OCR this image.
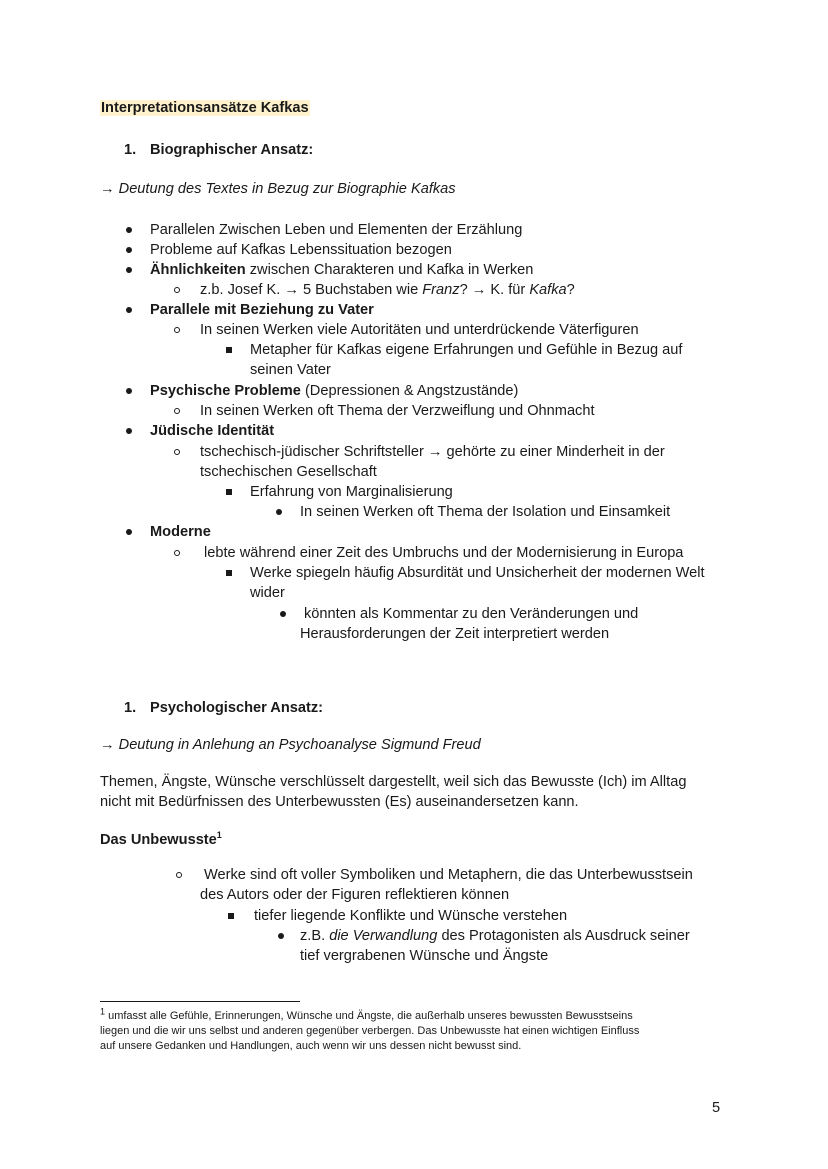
Interpretationsansätze Kafkas
1. Biographischer Ansatz:
→ Deutung des Textes in Bezug zur Biographie Kafkas
Parallelen Zwischen Leben und Elementen der Erzählung
Probleme auf Kafkas Lebenssituation bezogen
Ähnlichkeiten zwischen Charakteren und Kafka in Werken
z.b. Josef K. → 5 Buchstaben wie Franz? → K. für Kafka?
Parallele mit Beziehung zu Vater
In seinen Werken viele Autoritäten und unterdrückende Väterfiguren
Metapher für Kafkas eigene Erfahrungen und Gefühle in Bezug auf
seinen Vater
Psychische Probleme (Depressionen & Angstzustände)
In seinen Werken oft Thema der Verzweiflung und Ohnmacht
Jüdische Identität
tschechisch-jüdischer Schriftsteller → gehörte zu einer Minderheit in der
tschechischen Gesellschaft
Erfahrung von Marginalisierung
In seinen Werken oft Thema der Isolation und Einsamkeit
Moderne
lebte während einer Zeit des Umbruchs und der Modernisierung in Europa
Werke spiegeln häufig Absurdität und Unsicherheit der modernen Welt
wider
könnten als Kommentar zu den Veränderungen und
Herausforderungen der Zeit interpretiert werden
1. Psychologischer Ansatz:
→ Deutung in Anlehung an Psychoanalyse Sigmund Freud
Themen, Ängste, Wünsche verschlüsselt dargestellt, weil sich das Bewusste (Ich) im Alltag
nicht mit Bedürfnissen des Unterbewussten (Es) auseinandersetzen kann.
Das Unbewusste$^1$
Werke sind oft voller Symboliken und Metaphern, die das Unterbewusstsein
des Autors oder der Figuren reflektieren können
tiefer liegende Konflikte und Wünsche verstehen
z.B. die Verwandlung des Protagonisten als Ausdruck seiner
tief vergrabenen Wünsche und Ängste
$^1$ umfasst alle Gefühle, Erinnerungen, Wünsche und Ängste, die außerhalb unseres bewussten Bewusstseins
liegen und die wir uns selbst und anderen gegenüber verbergen. Das Unbewusste hat einen wichtigen Einfluss
auf unsere Gedanken und Handlungen, auch wenn wir uns dessen nicht bewusst sind.
5
